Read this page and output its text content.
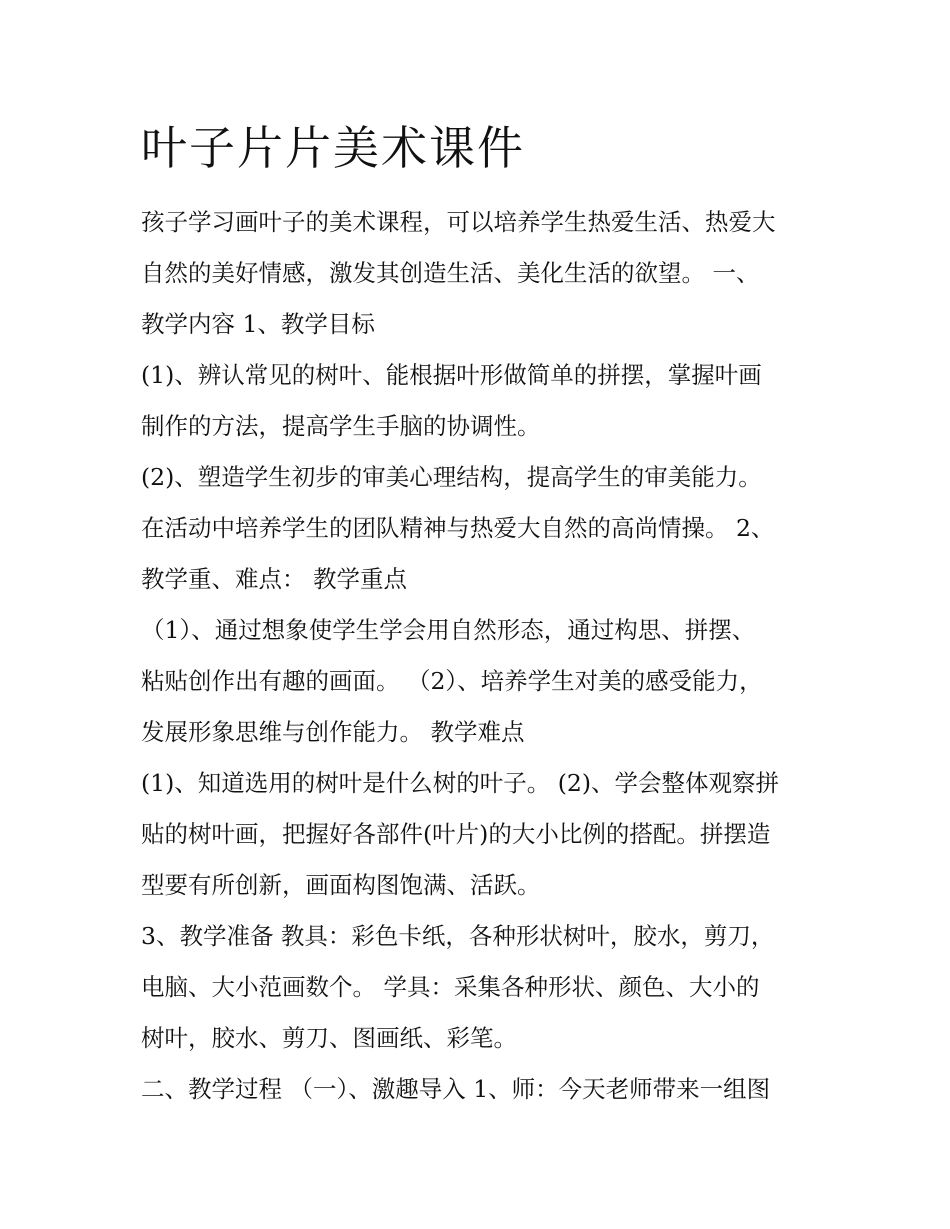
叶子片片美术课件
孩子学习画叶子的美术课程，可以培养学生热爱生活、热爱大
自然的美好情感，激发其创造生活、美化生活的欲望。 一、
教学内容 1、教学目标
(1)、辨认常见的树叶、能根据叶形做简单的拼摆，掌握叶画
制作的方法，提高学生手脑的协调性。
(2)、塑造学生初步的审美心理结构，提高学生的审美能力。
在活动中培养学生的团队精神与热爱大自然的高尚情操。 2、
教学重、难点： 教学重点
（1）、通过想象使学生学会用自然形态，通过构思、拼摆、
粘贴创作出有趣的画面。 （2）、培养学生对美的感受能力，
发展形象思维与创作能力。 教学难点
(1)、知道选用的树叶是什么树的叶子。 (2)、学会整体观察拼
贴的树叶画，把握好各部件(叶片)的大小比例的搭配。拼摆造
型要有所创新，画面构图饱满、活跃。
3、教学准备 教具：彩色卡纸，各种形状树叶，胶水，剪刀，
电脑、大小范画数个。 学具：采集各种形状、颜色、大小的
树叶，胶水、剪刀、图画纸、彩笔。
二、教学过程 （一）、激趣导入 1、师：今天老师带来一组图
